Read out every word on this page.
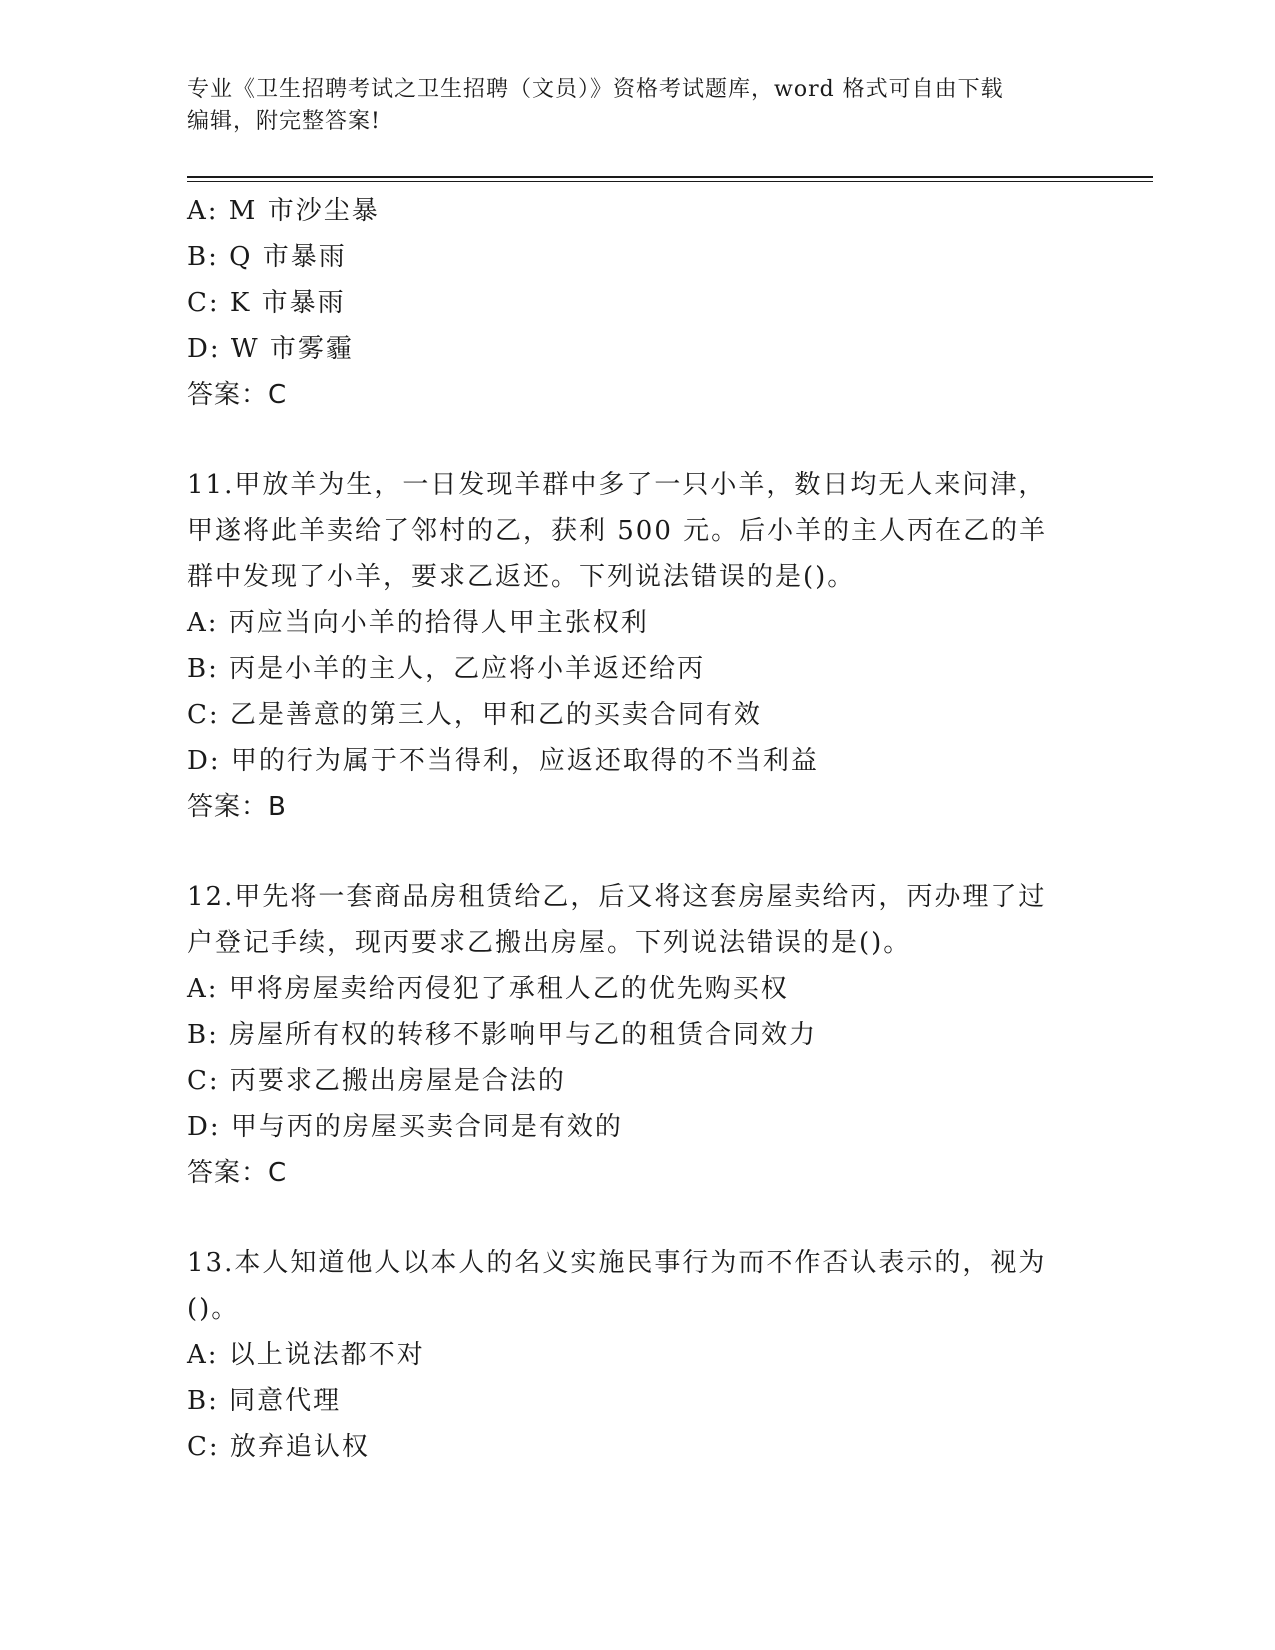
专业《卫生招聘考试之卫生招聘（文员）》资格考试题库，word 格式可自由下载
编辑，附完整答案!
A: M 市沙尘暴
B: Q 市暴雨
C: K 市暴雨
D: W 市雾霾
答案：C
11.甲放羊为生，一日发现羊群中多了一只小羊，数日均无人来问津，
甲遂将此羊卖给了邻村的乙，获利 500 元。后小羊的主人丙在乙的羊
群中发现了小羊，要求乙返还。下列说法错误的是()。
A: 丙应当向小羊的拾得人甲主张权利
B: 丙是小羊的主人，乙应将小羊返还给丙
C: 乙是善意的第三人，甲和乙的买卖合同有效
D: 甲的行为属于不当得利，应返还取得的不当利益
答案：B
12.甲先将一套商品房租赁给乙，后又将这套房屋卖给丙，丙办理了过
户登记手续，现丙要求乙搬出房屋。下列说法错误的是()。
A: 甲将房屋卖给丙侵犯了承租人乙的优先购买权
B: 房屋所有权的转移不影响甲与乙的租赁合同效力
C: 丙要求乙搬出房屋是合法的
D: 甲与丙的房屋买卖合同是有效的
答案：C
13.本人知道他人以本人的名义实施民事行为而不作否认表示的，视为
()。
A: 以上说法都不对
B: 同意代理
C: 放弃追认权
